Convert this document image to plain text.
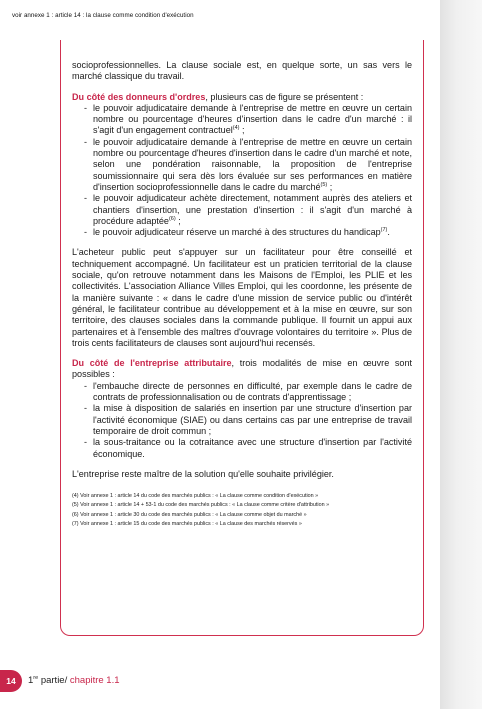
voir annexe 1 : article 14 : la clause comme condition d'exécution

socioprofessionnelles. La clause sociale est, en quelque sorte, un sas vers le marché classique du travail.

Du côté des donneurs d'ordres, plusieurs cas de figure se présentent :

- le pouvoir adjudicataire demande à l'entreprise de mettre en œuvre un certain nombre ou pourcentage d'heures d'insertion dans le cadre d'un marché : il s'agit d'un engagement contractuel$^{(4)}$ ;
- le pouvoir adjudicataire demande à l'entreprise de mettre en œuvre un certain nombre ou pourcentage d'heures d'insertion dans le cadre d'un marché et note, selon une pondération raisonnable, la proposition de l'entreprise soumissionnaire qui sera dès lors évaluée sur ses performances en matière d'insertion socioprofessionnelle dans le cadre du marché$^{(5)}$ ;
- le pouvoir adjudicateur achète directement, notamment auprès des ateliers et chantiers d'insertion, une prestation d'insertion : il s'agit d'un marché à procédure adaptée$^{(6)}$ ;
- le pouvoir adjudicateur réserve un marché à des structures du handicap$^{(7)}$.

L'acheteur public peut s'appuyer sur un facilitateur pour être conseillé et techniquement accompagné. Un facilitateur est un praticien territorial de la clause sociale, qu'on retrouve notamment dans les Maisons de l'Emploi, les PLIE et les collectivités. L'association Alliance Villes Emploi, qui les coordonne, les présente de la manière suivante : « dans le cadre d'une mission de service public ou d'intérêt général, le facilitateur contribue au développement et à la mise en œuvre, sur son territoire, des clauses sociales dans la commande publique. Il fournit un appui aux partenaires et à l'ensemble des maîtres d'ouvrage volontaires du territoire ». Plus de trois cents facilitateurs de clauses sont aujourd'hui recensés.

Du côté de l'entreprise attributaire, trois modalités de mise en œuvre sont possibles :

- l'embauche directe de personnes en difficulté, par exemple dans le cadre de contrats de professionnalisation ou de contrats d'apprentissage ;
- la mise à disposition de salariés en insertion par une structure d'insertion par l'activité économique (SIAE) ou dans certains cas par une entreprise de travail temporaire de droit commun ;
- la sous-traitance ou la cotraitance avec une structure d'insertion par l'activité économique.

L'entreprise reste maître de la solution qu'elle souhaite privilégier.

(4) Voir annexe 1 : article 14 du code des marchés publics : « La clause comme condition d'exécution »
(5) Voir annexe 1 : article 14 + 53-1 du code des marchés publics : « La clause comme critère d'attribution »
(6) Voir annexe 1 : article 30 du code des marchés publics : « La clause comme objet du marché »
(7) Voir annexe 1 : article 15 du code des marchés publics : « La clause des marchés réservés »
14	1re partie/ chapitre 1.1
